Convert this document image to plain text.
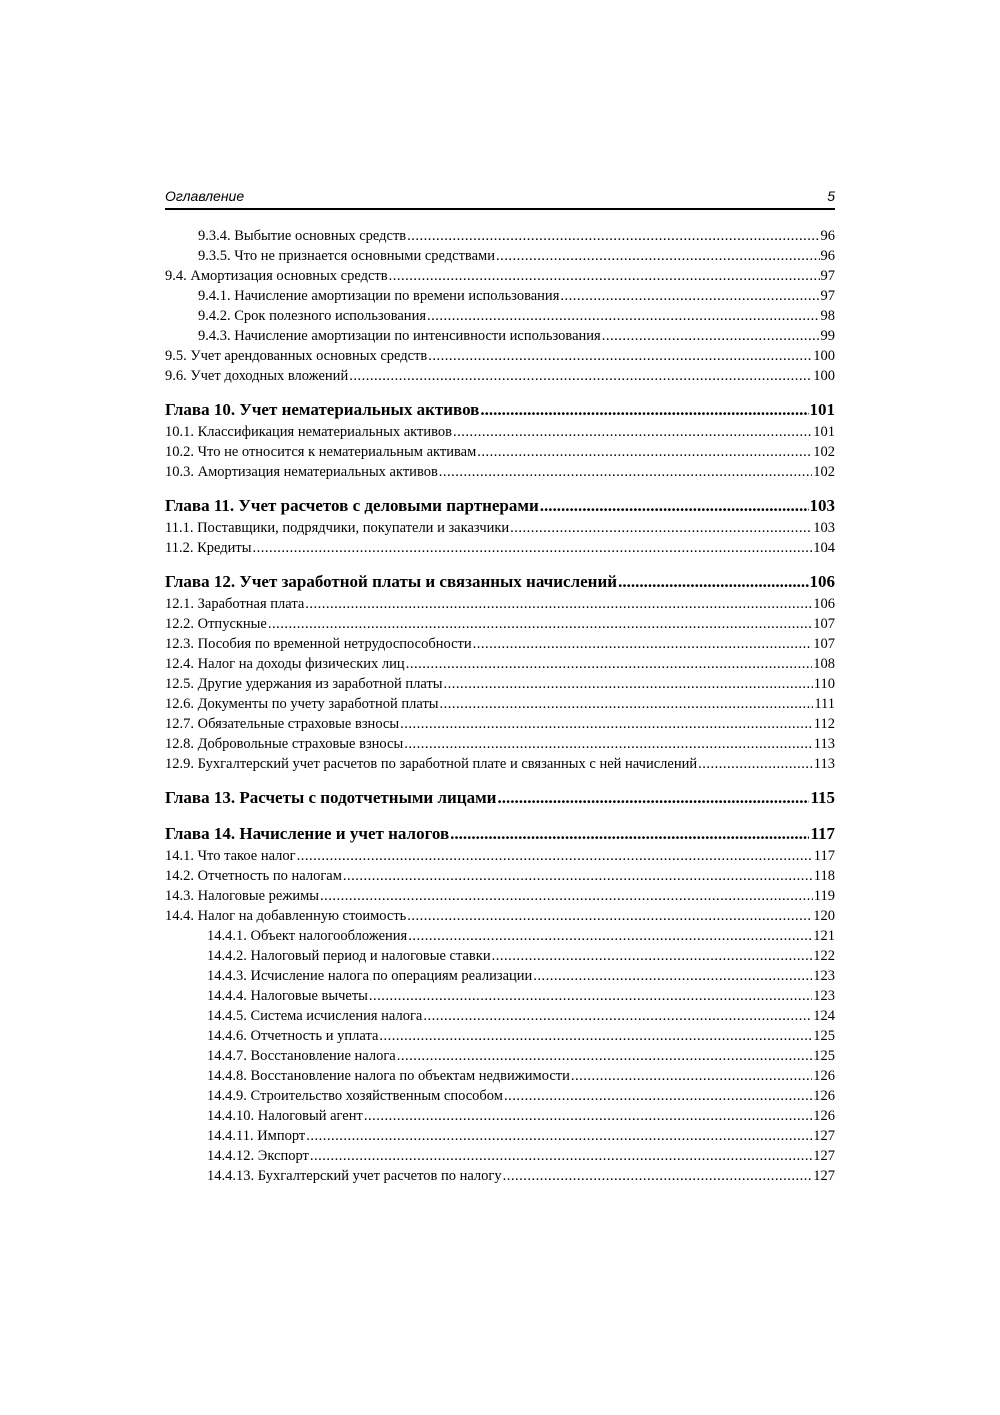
Оглавление	5
9.3.4. Выбытие основных средств .....	96
9.3.5. Что не признается основными средствами .....	96
9.4. Амортизация основных средств .....	97
9.4.1. Начисление амортизации по времени использования .....	97
9.4.2. Срок полезного использования .....	98
9.4.3. Начисление амортизации по интенсивности использования .....	99
9.5. Учет арендованных основных средств .....	100
9.6. Учет доходных вложений .....	100
Глава 10. Учет нематериальных активов .....	101
10.1. Классификация нематериальных активов .....	101
10.2. Что не относится к нематериальным активам .....	102
10.3. Амортизация нематериальных активов .....	102
Глава 11. Учет расчетов с деловыми партнерами .....	103
11.1. Поставщики, подрядчики, покупатели и заказчики .....	103
11.2. Кредиты .....	104
Глава 12. Учет заработной платы и связанных начислений .....	106
12.1. Заработная плата .....	106
12.2. Отпускные .....	107
12.3. Пособия по временной нетрудоспособности .....	107
12.4. Налог на доходы физических лиц .....	108
12.5. Другие удержания из заработной платы .....	110
12.6. Документы по учету заработной платы .....	111
12.7. Обязательные страховые взносы .....	112
12.8. Добровольные страховые взносы .....	113
12.9. Бухгалтерский учет расчетов по заработной плате и связанных с ней начислений .....	113
Глава 13. Расчеты с подотчетными лицами .....	115
Глава 14. Начисление и учет налогов .....	117
14.1. Что такое налог .....	117
14.2. Отчетность по налогам .....	118
14.3. Налоговые режимы .....	119
14.4. Налог на добавленную стоимость .....	120
14.4.1. Объект налогообложения .....	121
14.4.2. Налоговый период и налоговые ставки .....	122
14.4.3. Исчисление налога по операциям реализации .....	123
14.4.4. Налоговые вычеты .....	123
14.4.5. Система исчисления налога .....	124
14.4.6. Отчетность и уплата .....	125
14.4.7. Восстановление налога .....	125
14.4.8. Восстановление налога по объектам недвижимости .....	126
14.4.9. Строительство хозяйственным способом .....	126
14.4.10. Налоговый агент .....	126
14.4.11. Импорт .....	127
14.4.12. Экспорт .....	127
14.4.13. Бухгалтерский учет расчетов по налогу .....	127
